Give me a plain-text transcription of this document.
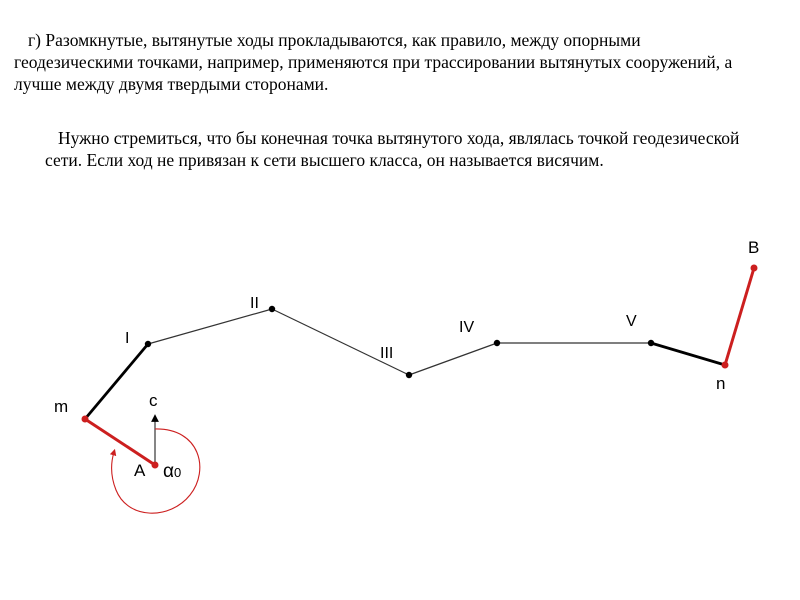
г) Разомкнутые, вытянутые ходы прокладываются, как правило, между опорными геодезическими точками, например, применяются при трассировании вытянутых сооружений, а лучше между двумя твердыми сторонами.

Нужно стремиться, что бы конечная точка вытянутого хода, являлась точкой геодезической сети. Если ход не привязан к сети высшего класса, он называется висячим.

m
A
c
α0
I
II
III
IV	V
n
B
